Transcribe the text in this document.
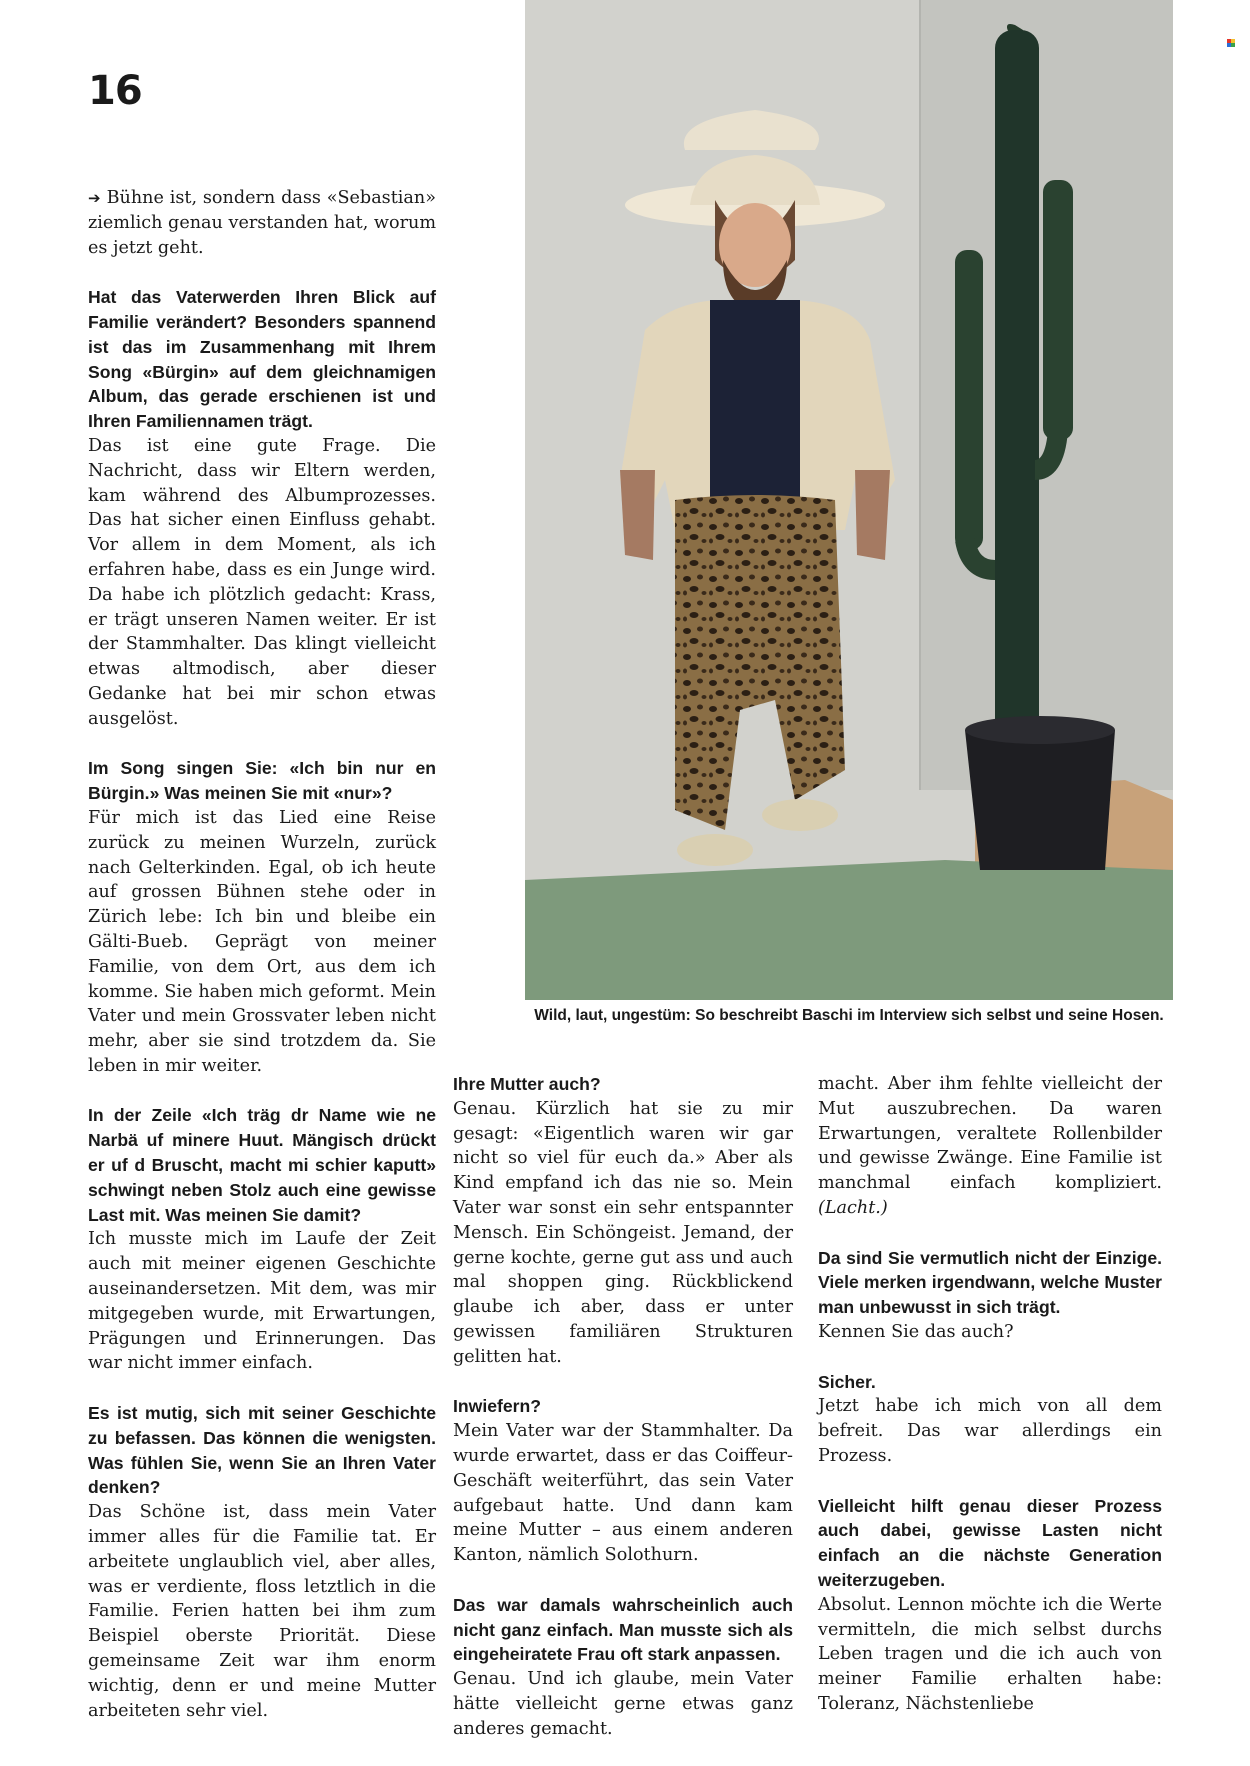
16

➔ Bühne ist, sondern dass «Sebastian» ziemlich genau verstanden hat, worum es jetzt geht.

Hat das Vaterwerden Ihren Blick auf Familie verändert? Besonders spannend ist das im Zusammenhang mit Ihrem Song «Bürgin» auf dem gleichnamigen Album, das gerade erschienen ist und Ihren Familiennamen trägt.

Das ist eine gute Frage. Die Nachricht, dass wir Eltern werden, kam während des Albumprozesses. Das hat sicher einen Einfluss gehabt. Vor allem in dem Moment, als ich erfahren habe, dass es ein Junge wird. Da habe ich plötzlich gedacht: Krass, er trägt unseren Namen weiter. Er ist der Stammhalter. Das klingt vielleicht etwas altmodisch, aber dieser Gedanke hat bei mir schon etwas ausgelöst.

Im Song singen Sie: «Ich bin nur en Bürgin.» Was meinen Sie mit «nur»?

Für mich ist das Lied eine Reise zurück zu meinen Wurzeln, zurück nach Gelterkinden. Egal, ob ich heute auf grossen Bühnen stehe oder in Zürich lebe: Ich bin und bleibe ein Gälti-Bueb. Geprägt von meiner Familie, von dem Ort, aus dem ich komme. Sie haben mich geformt. Mein Vater und mein Grossvater leben nicht mehr, aber sie sind trotzdem da. Sie leben in mir weiter.

In der Zeile «Ich träg dr Name wie ne Narbä uf minere Huut. Mängisch drückt er uf d Bruscht, macht mi schier kaputt» schwingt neben Stolz auch eine gewisse Last mit. Was meinen Sie damit?

Ich musste mich im Laufe der Zeit auch mit meiner eigenen Geschichte auseinandersetzen. Mit dem, was mir mitgegeben wurde, mit Erwartungen, Prägungen und Erinnerungen. Das war nicht immer einfach.

Es ist mutig, sich mit seiner Geschichte zu befassen. Das können die wenigsten. Was fühlen Sie, wenn Sie an Ihren Vater denken?

Das Schöne ist, dass mein Vater immer alles für die Familie tat. Er arbeitete unglaublich viel, aber alles, was er verdiente, floss letztlich in die Familie. Ferien hatten bei ihm zum Beispiel oberste Priorität. Diese gemeinsame Zeit war ihm enorm wichtig, denn er und meine Mutter arbeiteten sehr viel.

Wild, laut, ungestüm: So beschreibt Baschi im Interview sich selbst und seine Hosen.
Ihre Mutter auch?

Genau. Kürzlich hat sie zu mir gesagt: «Eigentlich waren wir gar nicht so viel für euch da.» Aber als Kind empfand ich das nie so. Mein Vater war sonst ein sehr entspannter Mensch. Ein Schöngeist. Jemand, der gerne kochte, gerne gut ass und auch mal shoppen ging. Rückblickend glaube ich aber, dass er unter gewissen familiären Strukturen gelitten hat.

Inwiefern?

Mein Vater war der Stammhalter. Da wurde erwartet, dass er das Coiffeur-Geschäft weiterführt, das sein Vater aufgebaut hatte. Und dann kam meine Mutter – aus einem anderen Kanton, nämlich Solothurn.

Das war damals wahrscheinlich auch nicht ganz einfach. Man musste sich als eingeheiratete Frau oft stark anpassen.

Genau. Und ich glaube, mein Vater hätte vielleicht gerne etwas ganz anderes gemacht.

macht. Aber ihm fehlte vielleicht der Mut auszubrechen. Da waren Erwartungen, veraltete Rollenbilder und gewisse Zwänge. Eine Familie ist manchmal einfach kompliziert. (Lacht.)

Da sind Sie vermutlich nicht der Einzige. Viele merken irgendwann, welche Muster man unbewusst in sich trägt.

Kennen Sie das auch?

Sicher.

Jetzt habe ich mich von all dem befreit. Das war allerdings ein Prozess.

Vielleicht hilft genau dieser Prozess auch dabei, gewisse Lasten nicht einfach an die nächste Generation weiterzugeben.

Absolut. Lennon möchte ich die Werte vermitteln, die mich selbst durchs Leben tragen und die ich auch von meiner Familie erhalten habe: Toleranz, Nächstenliebe
